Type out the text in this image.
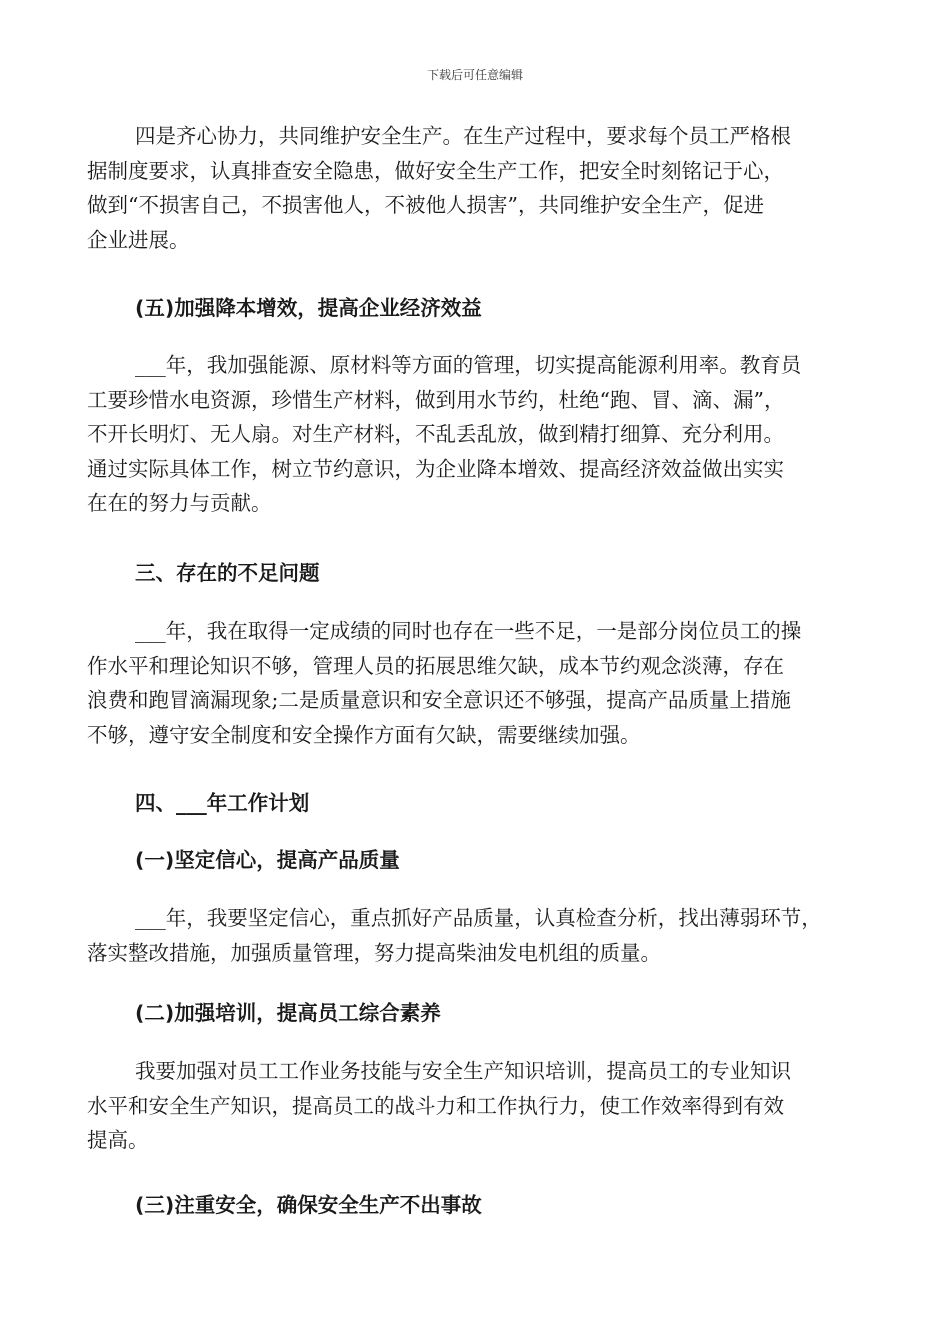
下载后可任意编辑

四是齐心协力，共同维护安全生产。在生产过程中，要求每个员工严格根
据制度要求，认真排查安全隐患，做好安全生产工作，把安全时刻铭记于心，
做到“不损害自己，不损害他人，不被他人损害”，共同维护安全生产，促进
企业进展。

(五)加强降本增效，提高企业经济效益

___年，我加强能源、原材料等方面的管理，切实提高能源利用率。教育员
工要珍惜水电资源，珍惜生产材料，做到用水节约，杜绝“跑、冒、滴、漏”，
不开长明灯、无人扇。对生产材料，不乱丢乱放，做到精打细算、充分利用。
通过实际具体工作，树立节约意识，为企业降本增效、提高经济效益做出实实
在在的努力与贡献。

三、存在的不足问题

___年，我在取得一定成绩的同时也存在一些不足，一是部分岗位员工的操
作水平和理论知识不够，管理人员的拓展思维欠缺，成本节约观念淡薄，存在
浪费和跑冒滴漏现象;二是质量意识和安全意识还不够强，提高产品质量上措施
不够，遵守安全制度和安全操作方面有欠缺，需要继续加强。

四、___年工作计划

(一)坚定信心，提高产品质量

___年，我要坚定信心，重点抓好产品质量，认真检查分析，找出薄弱环节，
落实整改措施，加强质量管理，努力提高柴油发电机组的质量。

(二)加强培训，提高员工综合素养

我要加强对员工工作业务技能与安全生产知识培训，提高员工的专业知识
水平和安全生产知识，提高员工的战斗力和工作执行力，使工作效率得到有效
提高。

(三)注重安全，确保安全生产不出事故
